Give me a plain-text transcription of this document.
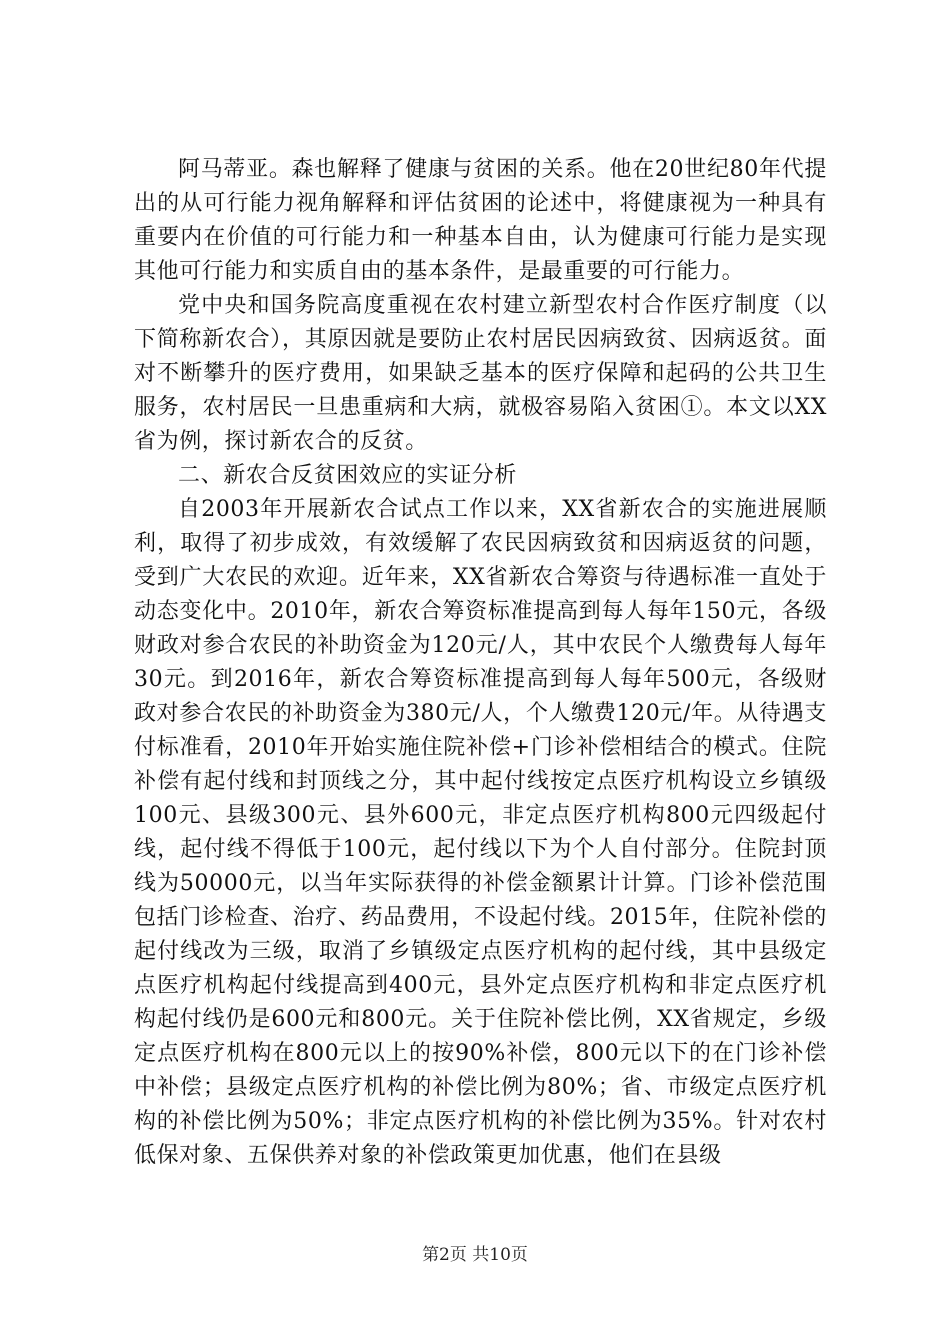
阿马蒂亚。森也解释了健康与贫困的关系。他在20世纪80年代提出的从可行能力视角解释和评估贫困的论述中，将健康视为一种具有重要内在价值的可行能力和一种基本自由，认为健康可行能力是实现其他可行能力和实质自由的基本条件，是最重要的可行能力。

党中央和国务院高度重视在农村建立新型农村合作医疗制度（以下简称新农合），其原因就是要防止农村居民因病致贫、因病返贫。面对不断攀升的医疗费用，如果缺乏基本的医疗保障和起码的公共卫生服务，农村居民一旦患重病和大病，就极容易陷入贫困①。本文以XX省为例，探讨新农合的反贫。

二、新农合反贫困效应的实证分析

自2003年开展新农合试点工作以来，XX省新农合的实施进展顺利，取得了初步成效，有效缓解了农民因病致贫和因病返贫的问题，受到广大农民的欢迎。近年来，XX省新农合筹资与待遇标准一直处于动态变化中。2010年，新农合筹资标准提高到每人每年150元，各级财政对参合农民的补助资金为120元/人，其中农民个人缴费每人每年30元。到2016年，新农合筹资标准提高到每人每年500元，各级财政对参合农民的补助资金为380元/人，个人缴费120元/年。从待遇支付标准看，2010年开始实施住院补偿+门诊补偿相结合的模式。住院补偿有起付线和封顶线之分，其中起付线按定点医疗机构设立乡镇级100元、县级300元、县外600元，非定点医疗机构800元四级起付线，起付线不得低于100元，起付线以下为个人自付部分。住院封顶线为50000元，以当年实际获得的补偿金额累计计算。门诊补偿范围包括门诊检查、治疗、药品费用，不设起付线。2015年，住院补偿的起付线改为三级，取消了乡镇级定点医疗机构的起付线，其中县级定点医疗机构起付线提高到400元，县外定点医疗机构和非定点医疗机构起付线仍是600元和800元。关于住院补偿比例，XX省规定，乡级定点医疗机构在800元以上的按90%补偿，800元以下的在门诊补偿中补偿；县级定点医疗机构的补偿比例为80%；省、市级定点医疗机构的补偿比例为50%；非定点医疗机构的补偿比例为35%。针对农村低保对象、五保供养对象的补偿政策更加优惠，他们在县级

第2页 共10页
